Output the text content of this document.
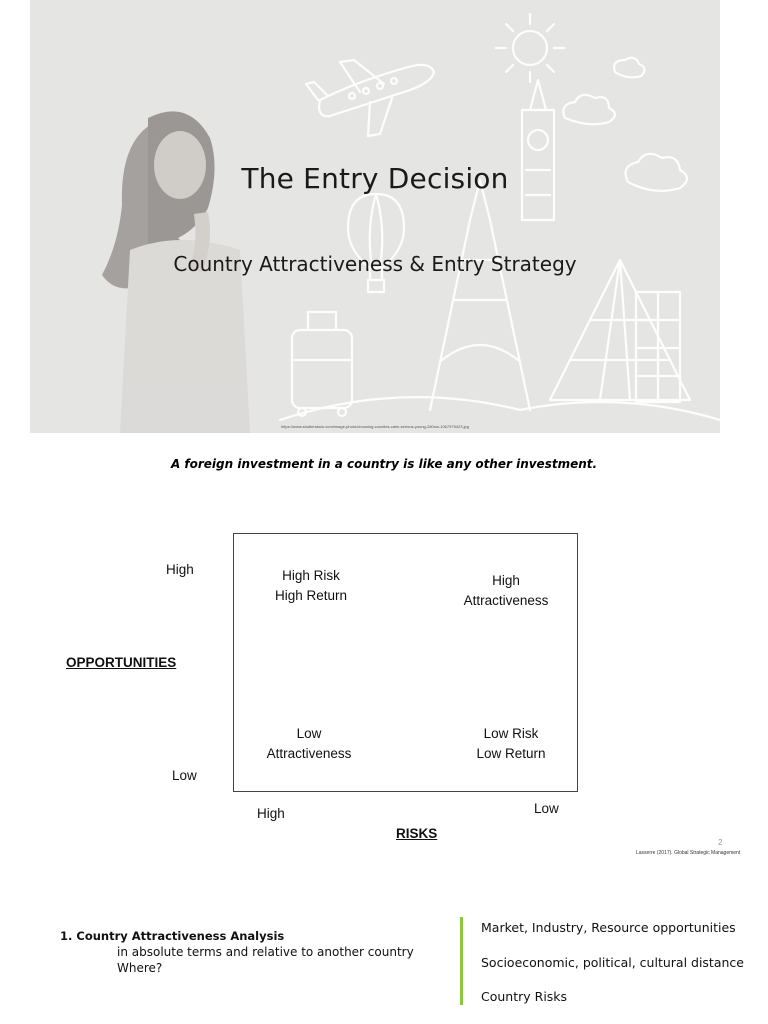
The Entry Decision
Country Attractiveness & Entry Strategy
https://www.shutterstock.com/image-photo/choosing-counties-calm-serious-young-260nw-1067975423.jpg
A foreign investment in a country is like any other investment.
High
OPPORTUNITIES
Low
High Risk
High Return
High
Attractiveness
Low
Attractiveness
Low Risk
Low Return
High	Low
RISKS
2
Lasserre (2017). Global Strategic Management
1. Country Attractiveness Analysis
in absolute terms and relative to another country
Where?
Market, Industry, Resource opportunities
Socioeconomic, political, cultural distance
Country Risks
